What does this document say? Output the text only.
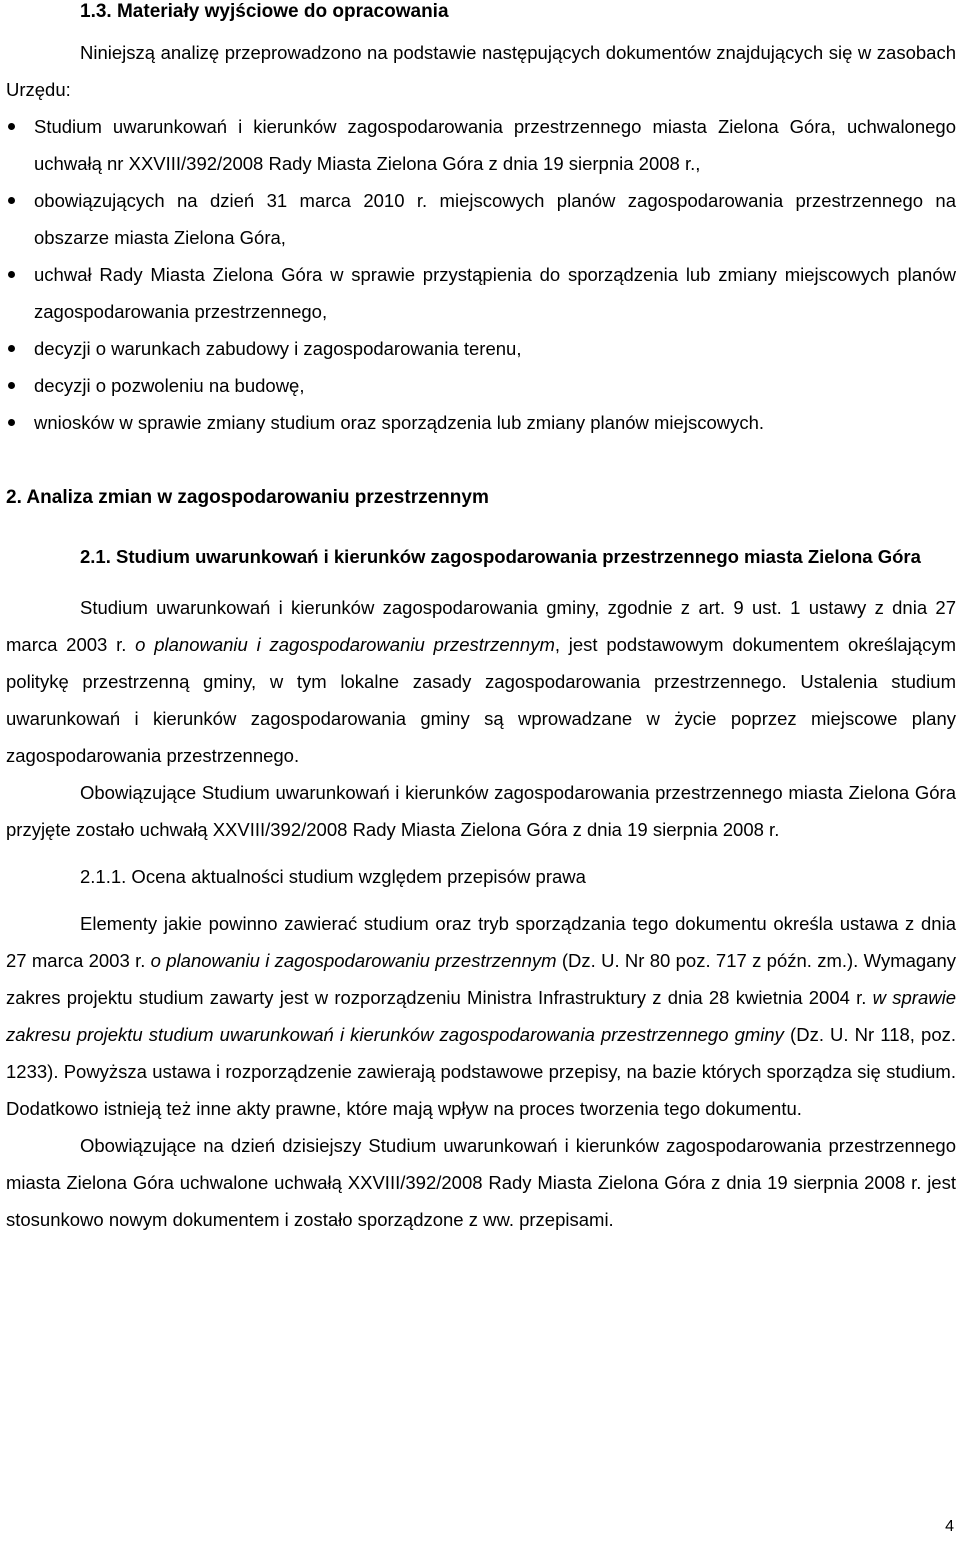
1.3. Materiały wyjściowe do opracowania

Niniejszą analizę przeprowadzono na podstawie następujących dokumentów znajdujących się w zasobach Urzędu:

Studium uwarunkowań i kierunków zagospodarowania przestrzennego miasta Zielona Góra, uchwalonego uchwałą nr XXVIII/392/2008 Rady Miasta Zielona Góra z dnia 19 sierpnia 2008 r.,
obowiązujących na dzień 31 marca 2010 r. miejscowych planów zagospodarowania przestrzennego na obszarze miasta Zielona Góra,
uchwał Rady Miasta Zielona Góra w sprawie przystąpienia do sporządzenia lub zmiany miejscowych planów zagospodarowania przestrzennego,
decyzji o warunkach zabudowy i zagospodarowania terenu,
decyzji o pozwoleniu na budowę,
wniosków w sprawie zmiany studium oraz sporządzenia lub zmiany planów miejscowych.
2. Analiza zmian w zagospodarowaniu przestrzennym

2.1. Studium uwarunkowań i kierunków zagospodarowania przestrzennego miasta Zielona Góra

Studium uwarunkowań i kierunków zagospodarowania gminy, zgodnie z art. 9 ust. 1 ustawy z dnia 27 marca 2003 r. o planowaniu i zagospodarowaniu przestrzennym, jest podstawowym dokumentem określającym politykę przestrzenną gminy, w tym lokalne zasady zagospodarowania przestrzennego. Ustalenia studium uwarunkowań i kierunków zagospodarowania gminy są wprowadzane w życie poprzez miejscowe plany zagospodarowania przestrzennego.

Obowiązujące Studium uwarunkowań i kierunków zagospodarowania przestrzennego miasta Zielona Góra przyjęte zostało uchwałą XXVIII/392/2008 Rady Miasta Zielona Góra z dnia 19 sierpnia 2008 r.

2.1.1. Ocena aktualności studium względem przepisów prawa

Elementy jakie powinno zawierać studium oraz tryb sporządzania tego dokumentu określa ustawa z dnia 27 marca 2003 r. o planowaniu i zagospodarowaniu przestrzennym (Dz. U. Nr 80 poz. 717 z późn. zm.). Wymagany zakres projektu studium zawarty jest w rozporządzeniu Ministra Infrastruktury z dnia 28 kwietnia 2004 r. w sprawie zakresu projektu studium uwarunkowań i kierunków zagospodarowania przestrzennego gminy (Dz. U. Nr 118, poz. 1233). Powyższa ustawa i rozporządzenie zawierają podstawowe przepisy, na bazie których sporządza się studium. Dodatkowo istnieją też inne akty prawne, które mają wpływ na proces tworzenia tego dokumentu.

Obowiązujące na dzień dzisiejszy Studium uwarunkowań i kierunków zagospodarowania przestrzennego miasta Zielona Góra uchwalone uchwałą XXVIII/392/2008 Rady Miasta Zielona Góra z dnia 19 sierpnia 2008 r. jest stosunkowo nowym dokumentem i zostało sporządzone z ww. przepisami.

4
